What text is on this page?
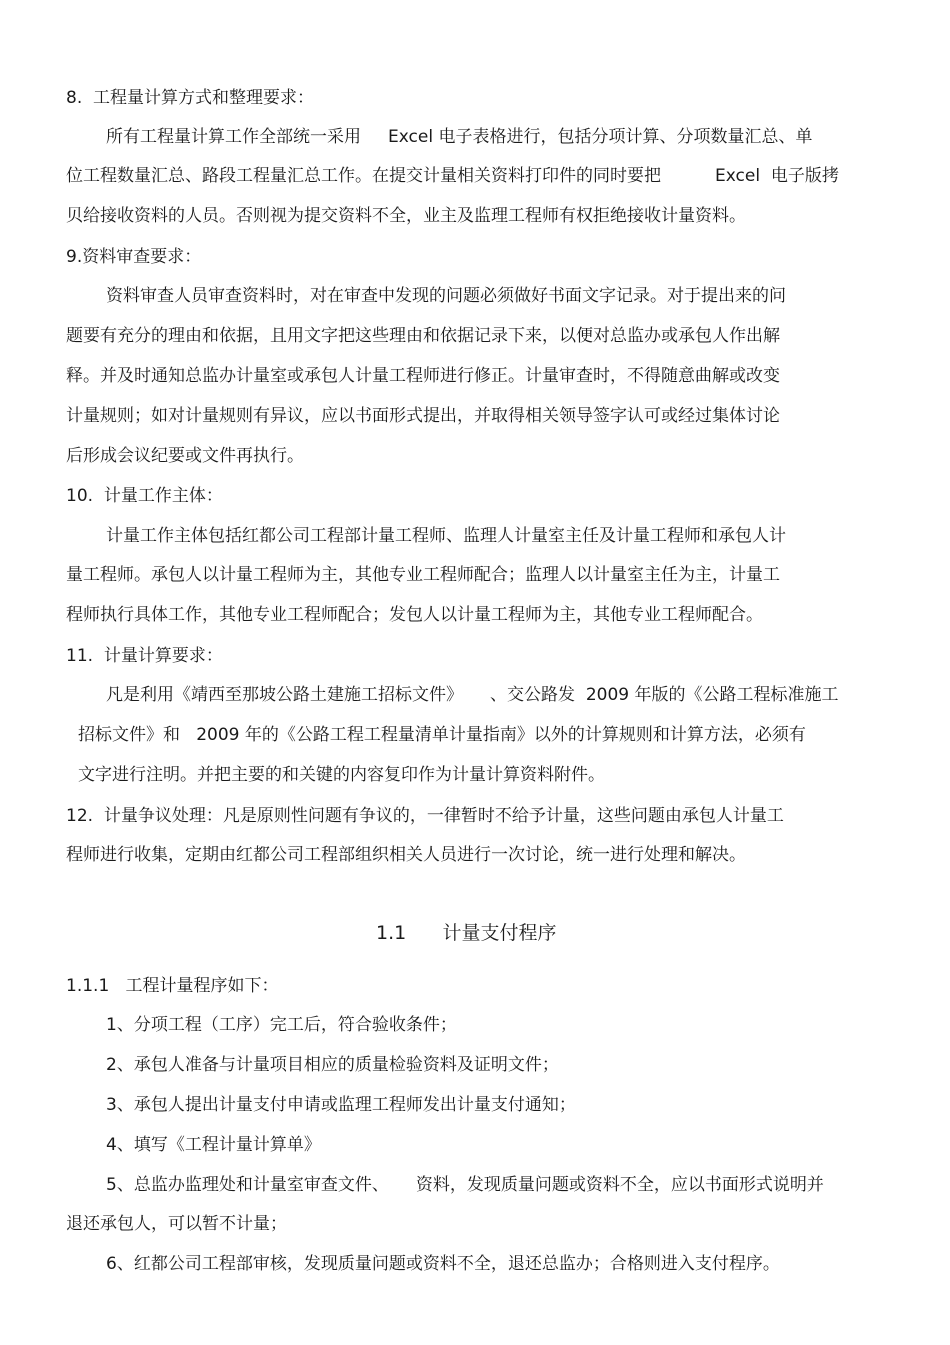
8.  工程量计算方式和整理要求：
所有工程量计算工作全部统一采用     Excel 电子表格进行，包括分项计算、分项数量汇总、单
位工程数量汇总、路段工程量汇总工作。在提交计量相关资料打印件的同时要把          Excel  电子版拷
贝给接收资料的人员。否则视为提交资料不全，业主及监理工程师有权拒绝接收计量资料。
9.资料审查要求：
资料审查人员审查资料时，对在审查中发现的问题必须做好书面文字记录。对于提出来的问
题要有充分的理由和依据，且用文字把这些理由和依据记录下来，以便对总监办或承包人作出解
释。并及时通知总监办计量室或承包人计量工程师进行修正。计量审查时，不得随意曲解或改变
计量规则；如对计量规则有异议，应以书面形式提出，并取得相关领导签字认可或经过集体讨论
后形成会议纪要或文件再执行。
10.  计量工作主体：
计量工作主体包括红都公司工程部计量工程师、监理人计量室主任及计量工程师和承包人计
量工程师。承包人以计量工程师为主，其他专业工程师配合；监理人以计量室主任为主，计量工
程师执行具体工作，其他专业工程师配合；发包人以计量工程师为主，其他专业工程师配合。
11.  计量计算要求：
凡是利用《靖西至那坡公路土建施工招标文件》     、交公路发  2009 年版的《公路工程标准施工
招标文件》和   2009 年的《公路工程工程量清单计量指南》以外的计算规则和计算方法，必须有
文字进行注明。并把主要的和关键的内容复印作为计量计算资料附件。
12.  计量争议处理：凡是原则性问题有争议的，一律暂时不给予计量，这些问题由承包人计量工
程师进行收集，定期由红都公司工程部组织相关人员进行一次讨论，统一进行处理和解决。
1.1      计量支付程序
1.1.1   工程计量程序如下：
1、分项工程（工序）完工后，符合验收条件；
2、承包人准备与计量项目相应的质量检验资料及证明文件；
3、承包人提出计量支付申请或监理工程师发出计量支付通知；
4、填写《工程计量计算单》
5、总监办监理处和计量室审查文件、     资料，发现质量问题或资料不全，应以书面形式说明并
退还承包人，可以暂不计量；
6、红都公司工程部审核，发现质量问题或资料不全，退还总监办；合格则进入支付程序。
